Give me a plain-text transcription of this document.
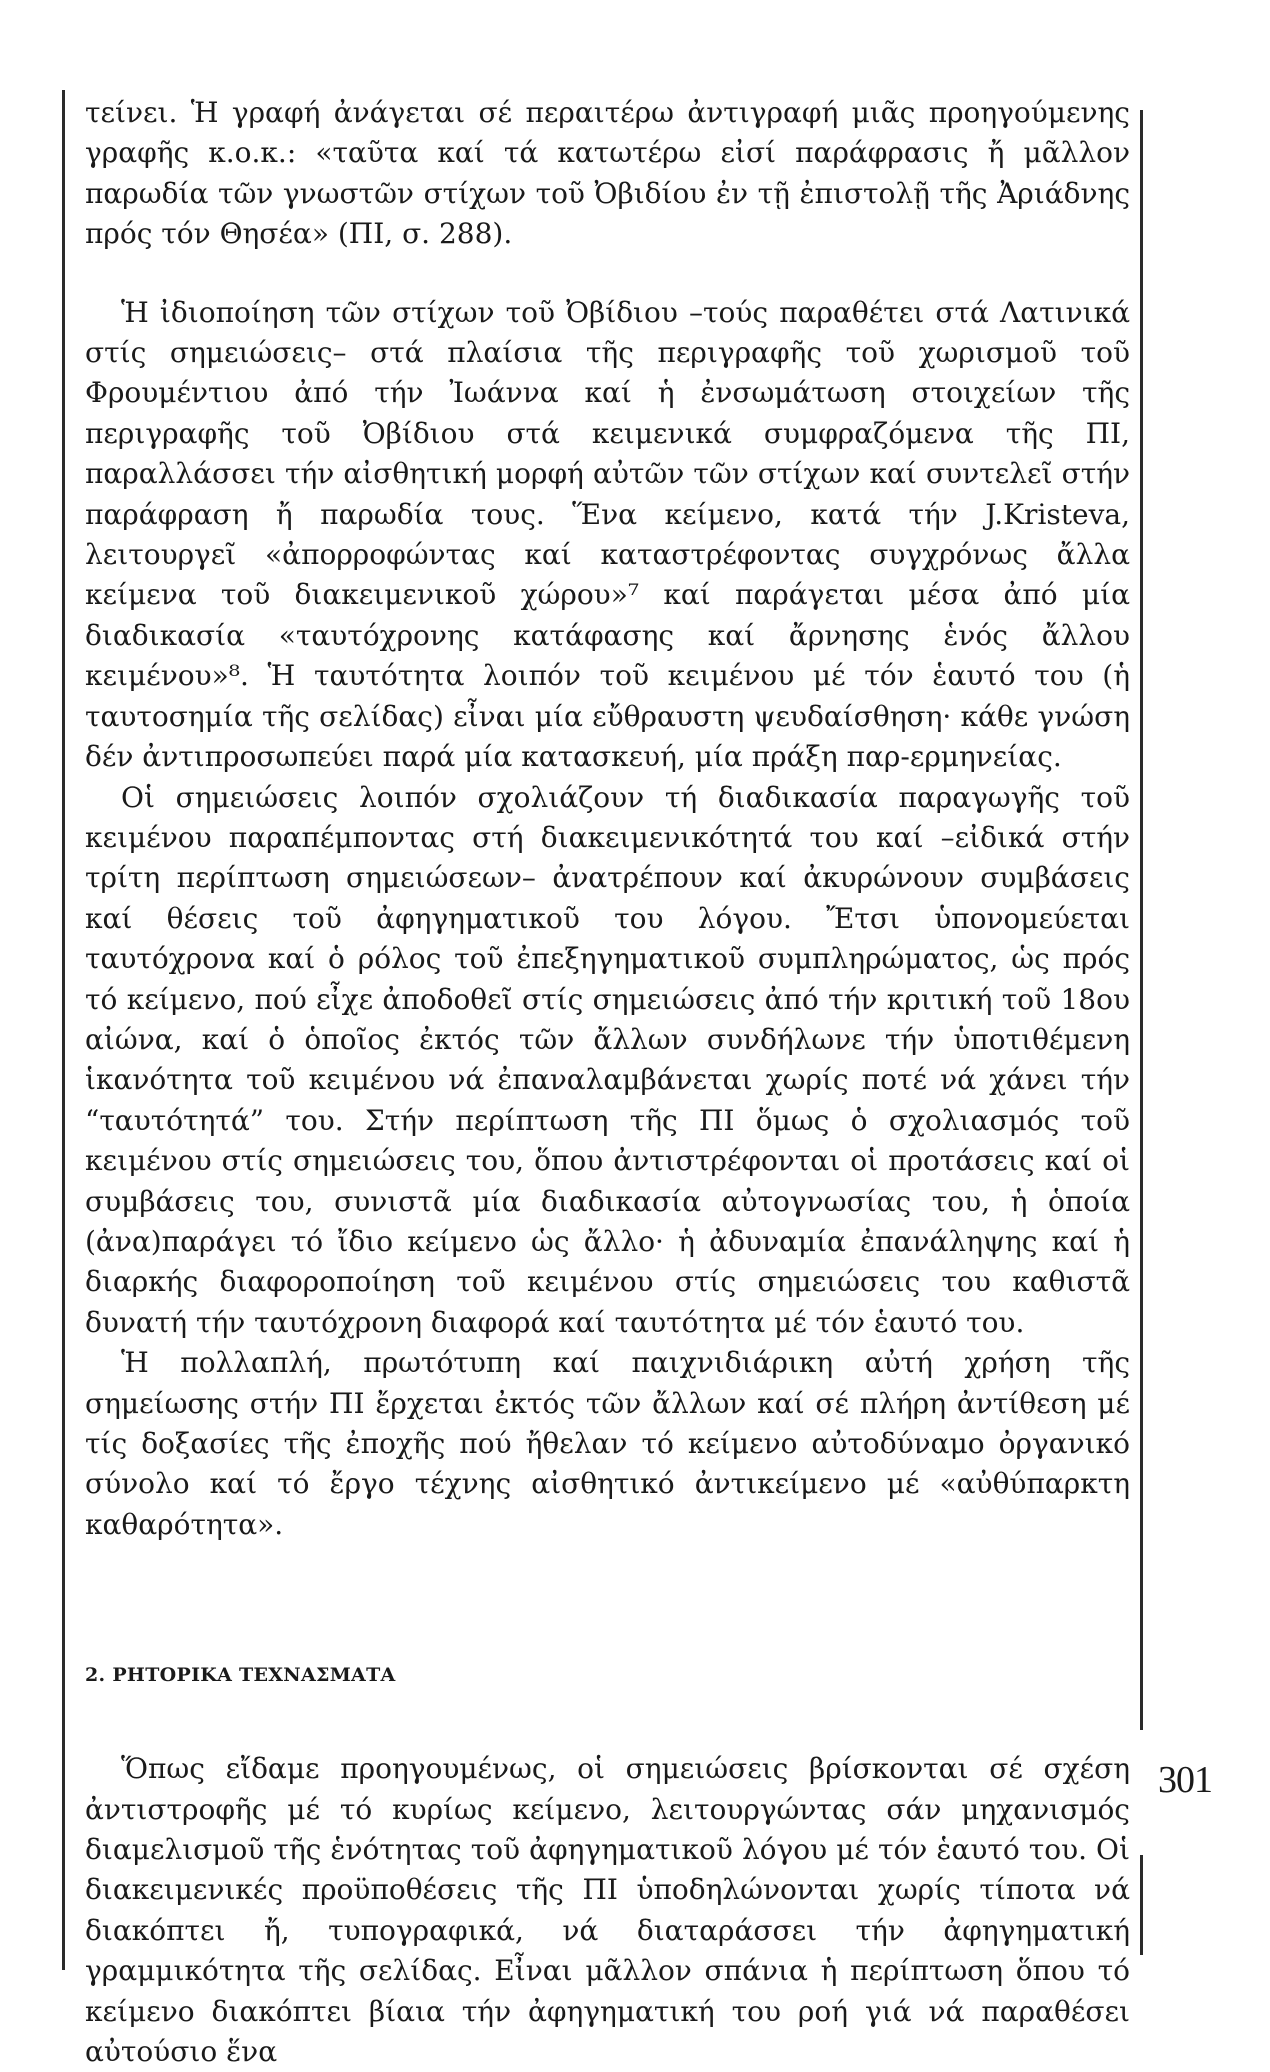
τείνει. Ἡ γραφή ἀνάγεται σέ περαιτέρω ἀντιγραφή μιᾶς προηγούμενης γραφῆς κ.ο.κ.: «ταῦτα καί τά κατωτέρω εἰσί παράφρασις ἤ μᾶλλον παρωδία τῶν γνωστῶν στίχων τοῦ Ὀβιδίου ἐν τῇ ἐπιστολῇ τῆς Ἀριάδνης πρός τόν Θησέα» (ΠΙ, σ. 288).

Ἡ ἰδιοποίηση τῶν στίχων τοῦ Ὀβίδιου –τούς παραθέτει στά Λατινικά στίς σημειώσεις– στά πλαίσια τῆς περιγραφῆς τοῦ χωρισμοῦ τοῦ Φρουμέντιου ἀπό τήν Ἰωάννα καί ἡ ἐνσωμάτωση στοιχείων τῆς περιγραφῆς τοῦ Ὀβίδιου στά κειμενικά συμφραζόμενα τῆς ΠΙ, παραλλάσσει τήν αἰσθητική μορφή αὐτῶν τῶν στίχων καί συντελεῖ στήν παράφραση ἤ παρωδία τους. Ἕνα κείμενο, κατά τήν J.Kristeva, λειτουργεῖ «ἀπορροφώντας καί καταστρέφοντας συγχρόνως ἄλλα κείμενα τοῦ διακειμενικοῦ χώρου»⁷ καί παράγεται μέσα ἀπό μία διαδικασία «ταυτόχρονης κατάφασης καί ἄρνησης ἑνός ἄλλου κειμένου»⁸. Ἡ ταυτότητα λοιπόν τοῦ κειμένου μέ τόν ἑαυτό του (ἡ ταυτοσημία τῆς σελίδας) εἶναι μία εὔθραυστη ψευδαίσθηση· κάθε γνώση δέν ἀντιπροσωπεύει παρά μία κατασκευή, μία πράξη παρ-ερμηνείας.

Οἱ σημειώσεις λοιπόν σχολιάζουν τή διαδικασία παραγωγῆς τοῦ κειμένου παραπέμποντας στή διακειμενικότητά του καί –εἰδικά στήν τρίτη περίπτωση σημειώσεων– ἀνατρέπουν καί ἀκυρώνουν συμβάσεις καί θέσεις τοῦ ἀφηγηματικοῦ του λόγου. Ἔτσι ὑπονομεύεται ταυτόχρονα καί ὁ ρόλος τοῦ ἐπεξηγηματικοῦ συμπληρώματος, ὡς πρός τό κείμενο, πού εἶχε ἀποδοθεῖ στίς σημειώσεις ἀπό τήν κριτική τοῦ 18ου αἰώνα, καί ὁ ὁποῖος ἐκτός τῶν ἄλλων συνδήλωνε τήν ὑποτιθέμενη ἱκανότητα τοῦ κειμένου νά ἐπαναλαμβάνεται χωρίς ποτέ νά χάνει τήν “ταυτότητά” του. Στήν περίπτωση τῆς ΠΙ ὅμως ὁ σχολιασμός τοῦ κειμένου στίς σημειώσεις του, ὅπου ἀντιστρέφονται οἱ προτάσεις καί οἱ συμβάσεις του, συνιστᾶ μία διαδικασία αὐτογνωσίας του, ἡ ὁποία (ἀνα)παράγει τό ἴδιο κείμενο ὡς ἄλλο· ἡ ἀδυναμία ἐπανάληψης καί ἡ διαρκής διαφοροποίηση τοῦ κειμένου στίς σημειώσεις του καθιστᾶ δυνατή τήν ταυτόχρονη διαφορά καί ταυτότητα μέ τόν ἑαυτό του.

Ἡ πολλαπλή, πρωτότυπη καί παιχνιδιάρικη αὐτή χρήση τῆς σημείωσης στήν ΠΙ ἔρχεται ἐκτός τῶν ἄλλων καί σέ πλήρη ἀντίθεση μέ τίς δοξασίες τῆς ἐποχῆς πού ἤθελαν τό κείμενο αὐτοδύναμο ὀργανικό σύνολο καί τό ἔργο τέχνης αἰσθητικό ἀντικείμενο μέ «αὐθύπαρκτη καθαρότητα».

2. ΡΗΤΟΡΙΚΑ ΤΕΧΝΑΣΜΑΤΑ

Ὅπως εἴδαμε προηγουμένως, οἱ σημειώσεις βρίσκονται σέ σχέση ἀντιστροφῆς μέ τό κυρίως κείμενο, λειτουργώντας σάν μηχανισμός διαμελισμοῦ τῆς ἑνότητας τοῦ ἀφηγηματικοῦ λόγου μέ τόν ἑαυτό του. Οἱ διακειμενικές προϋποθέσεις τῆς ΠΙ ὑποδηλώνονται χωρίς τίποτα νά διακόπτει ἤ, τυπογραφικά, νά διαταράσσει τήν ἀφηγηματική γραμμικότητα τῆς σελίδας. Εἶναι μᾶλλον σπάνια ἡ περίπτωση ὅπου τό κείμενο διακόπτει βίαια τήν ἀφηγηματική του ροή γιά νά παραθέσει αὐτούσιο ἕνα

301
